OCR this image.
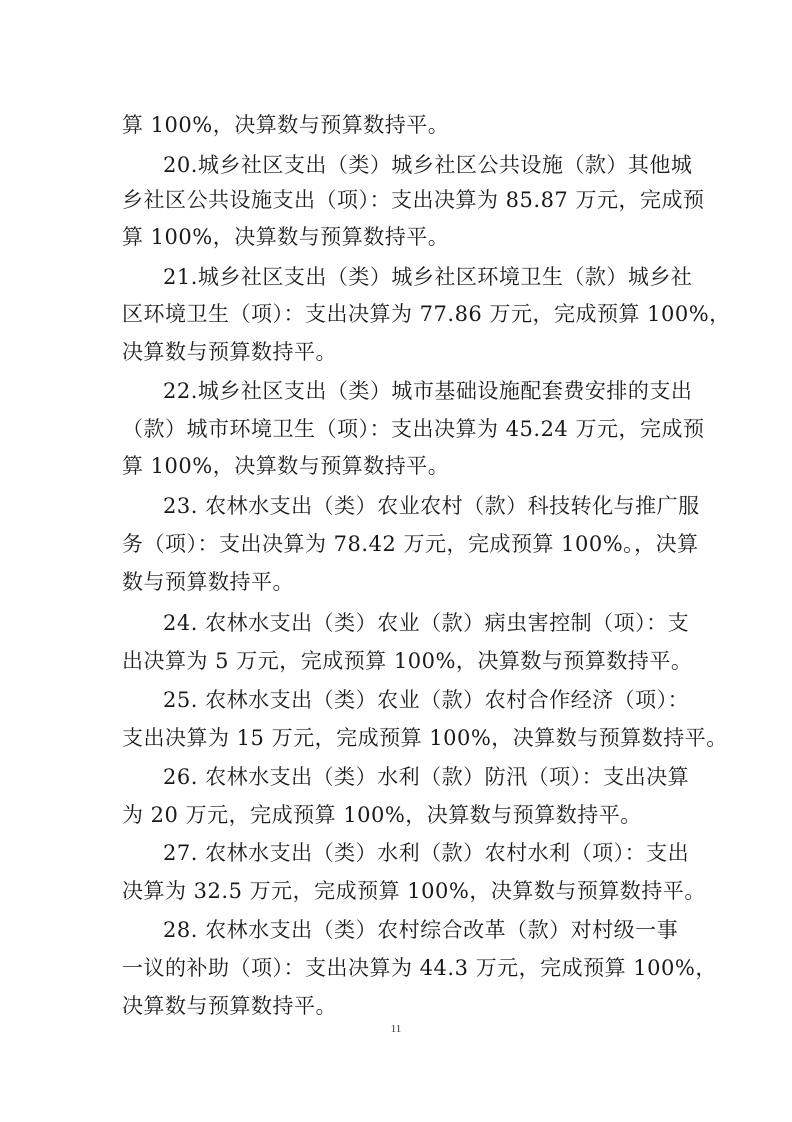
算 100%，决算数与预算数持平。
20.城乡社区支出（类）城乡社区公共设施（款）其他城
乡社区公共设施支出（项）：支出决算为 85.87 万元，完成预
算 100%，决算数与预算数持平。
21.城乡社区支出（类）城乡社区环境卫生（款）城乡社
区环境卫生（项）：支出决算为 77.86 万元，完成预算 100%，
决算数与预算数持平。
22.城乡社区支出（类）城市基础设施配套费安排的支出
（款）城市环境卫生（项）：支出决算为 45.24 万元，完成预
算 100%，决算数与预算数持平。
23. 农林水支出（类）农业农村（款）科技转化与推广服
务（项）：支出决算为 78.42 万元，完成预算 100%。，决算
数与预算数持平。
24. 农林水支出（类）农业（款）病虫害控制（项）：支
出决算为 5 万元，完成预算 100%，决算数与预算数持平。
25. 农林水支出（类）农业（款）农村合作经济（项）：
支出决算为 15 万元，完成预算 100%，决算数与预算数持平。
26. 农林水支出（类）水利（款）防汛（项）：支出决算
为 20 万元，完成预算 100%，决算数与预算数持平。
27. 农林水支出（类）水利（款）农村水利（项）：支出
决算为 32.5 万元，完成预算 100%，决算数与预算数持平。
28. 农林水支出（类）农村综合改革（款）对村级一事
一议的补助（项）：支出决算为 44.3 万元，完成预算 100%，
决算数与预算数持平。
11
